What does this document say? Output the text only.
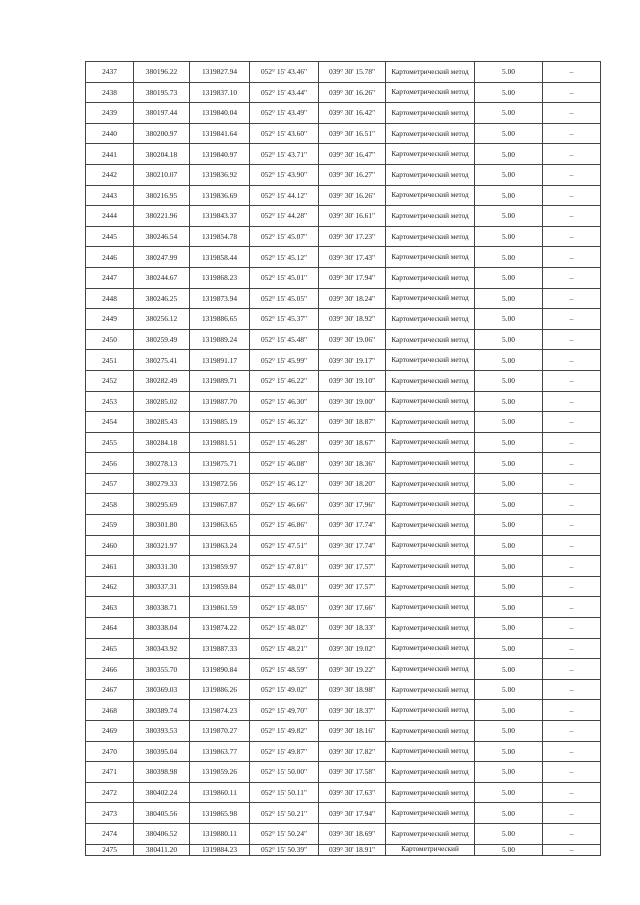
2437	380196.22	1319827.94	052° 15' 43.46"	039° 30' 15.78"	Картометрический метод	5.00	–
2438	380195.73	1319837.10	052° 15' 43.44"	039° 30' 16.26"	Картометрический метод	5.00	–
2439	380197.44	1319840.04	052° 15' 43.49"	039° 30' 16.42"	Картометрический метод	5.00	–
2440	380200.97	1319841.64	052° 15' 43.60"	039° 30' 16.51"	Картометрический метод	5.00	–
2441	380204.18	1319840.97	052° 15' 43.71"	039° 30' 16.47"	Картометрический метод	5.00	–
2442	380210.07	1319836.92	052° 15' 43.90"	039° 30' 16.27"	Картометрический метод	5.00	–
2443	380216.95	1319836.69	052° 15' 44.12"	039° 30' 16.26"	Картометрический метод	5.00	–
2444	380221.96	1319843.37	052° 15' 44.28"	039° 30' 16.61"	Картометрический метод	5.00	–
2445	380246.54	1319854.78	052° 15' 45.07"	039° 30' 17.23"	Картометрический метод	5.00	–
2446	380247.99	1319858.44	052° 15' 45.12"	039° 30' 17.43"	Картометрический метод	5.00	–
2447	380244.67	1319868.23	052° 15' 45.01"	039° 30' 17.94"	Картометрический метод	5.00	–
2448	380246.25	1319873.94	052° 15' 45.05"	039° 30' 18.24"	Картометрический метод	5.00	–
2449	380256.12	1319886.65	052° 15' 45.37"	039° 30' 18.92"	Картометрический метод	5.00	–
2450	380259.49	1319889.24	052° 15' 45.48"	039° 30' 19.06"	Картометрический метод	5.00	–
2451	380275.41	1319891.17	052° 15' 45.99"	039° 30' 19.17"	Картометрический метод	5.00	–
2452	380282.49	1319889.71	052° 15' 46.22"	039° 30' 19.10"	Картометрический метод	5.00	–
2453	380285.02	1319887.70	052° 15' 46.30"	039° 30' 19.00"	Картометрический метод	5.00	–
2454	380285.43	1319885.19	052° 15' 46.32"	039° 30' 18.87"	Картометрический метод	5.00	–
2455	380284.18	1319881.51	052° 15' 46.28"	039° 30' 18.67"	Картометрический метод	5.00	–
2456	380278.13	1319875.71	052° 15' 46.08"	039° 30' 18.36"	Картометрический метод	5.00	–
2457	380279.33	1319872.56	052° 15' 46.12"	039° 30' 18.20"	Картометрический метод	5.00	–
2458	380295.69	1319867.87	052° 15' 46.66"	039° 30' 17.96"	Картометрический метод	5.00	–
2459	380301.80	1319863.65	052° 15' 46.86"	039° 30' 17.74"	Картометрический метод	5.00	–
2460	380321.97	1319863.24	052° 15' 47.51"	039° 30' 17.74"	Картометрический метод	5.00	–
2461	380331.30	1319859.97	052° 15' 47.81"	039° 30' 17.57"	Картометрический метод	5.00	–
2462	380337.31	1319859.84	052° 15' 48.01"	039° 30' 17.57"	Картометрический метод	5.00	–
2463	380338.71	1319861.59	052° 15' 48.05"	039° 30' 17.66"	Картометрический метод	5.00	–
2464	380338.04	1319874.22	052° 15' 48.02"	039° 30' 18.33"	Картометрический метод	5.00	–
2465	380343.92	1319887.33	052° 15' 48.21"	039° 30' 19.02"	Картометрический метод	5.00	–
2466	380355.70	1319890.84	052° 15' 48.59"	039° 30' 19.22"	Картометрический метод	5.00	–
2467	380369.03	1319886.26	052° 15' 49.02"	039° 30' 18.98"	Картометрический метод	5.00	–
2468	380389.74	1319874.23	052° 15' 49.70"	039° 30' 18.37"	Картометрический метод	5.00	–
2469	380393.53	1319870.27	052° 15' 49.82"	039° 30' 18.16"	Картометрический метод	5.00	–
2470	380395.04	1319863.77	052° 15' 49.87"	039° 30' 17.82"	Картометрический метод	5.00	–
2471	380398.98	1319859.26	052° 15' 50.00"	039° 30' 17.58"	Картометрический метод	5.00	–
2472	380402.24	1319860.11	052° 15' 50.11"	039° 30' 17.63"	Картометрический метод	5.00	–
2473	380405.56	1319865.98	052° 15' 50.21"	039° 30' 17.94"	Картометрический метод	5.00	–
2474	380406.52	1319880.11	052° 15' 50.24"	039° 30' 18.69"	Картометрический метод	5.00	–
2475	380411.20	1319884.23	052° 15' 50.39"	039° 30' 18.91"	Картометрический	5.00	–
